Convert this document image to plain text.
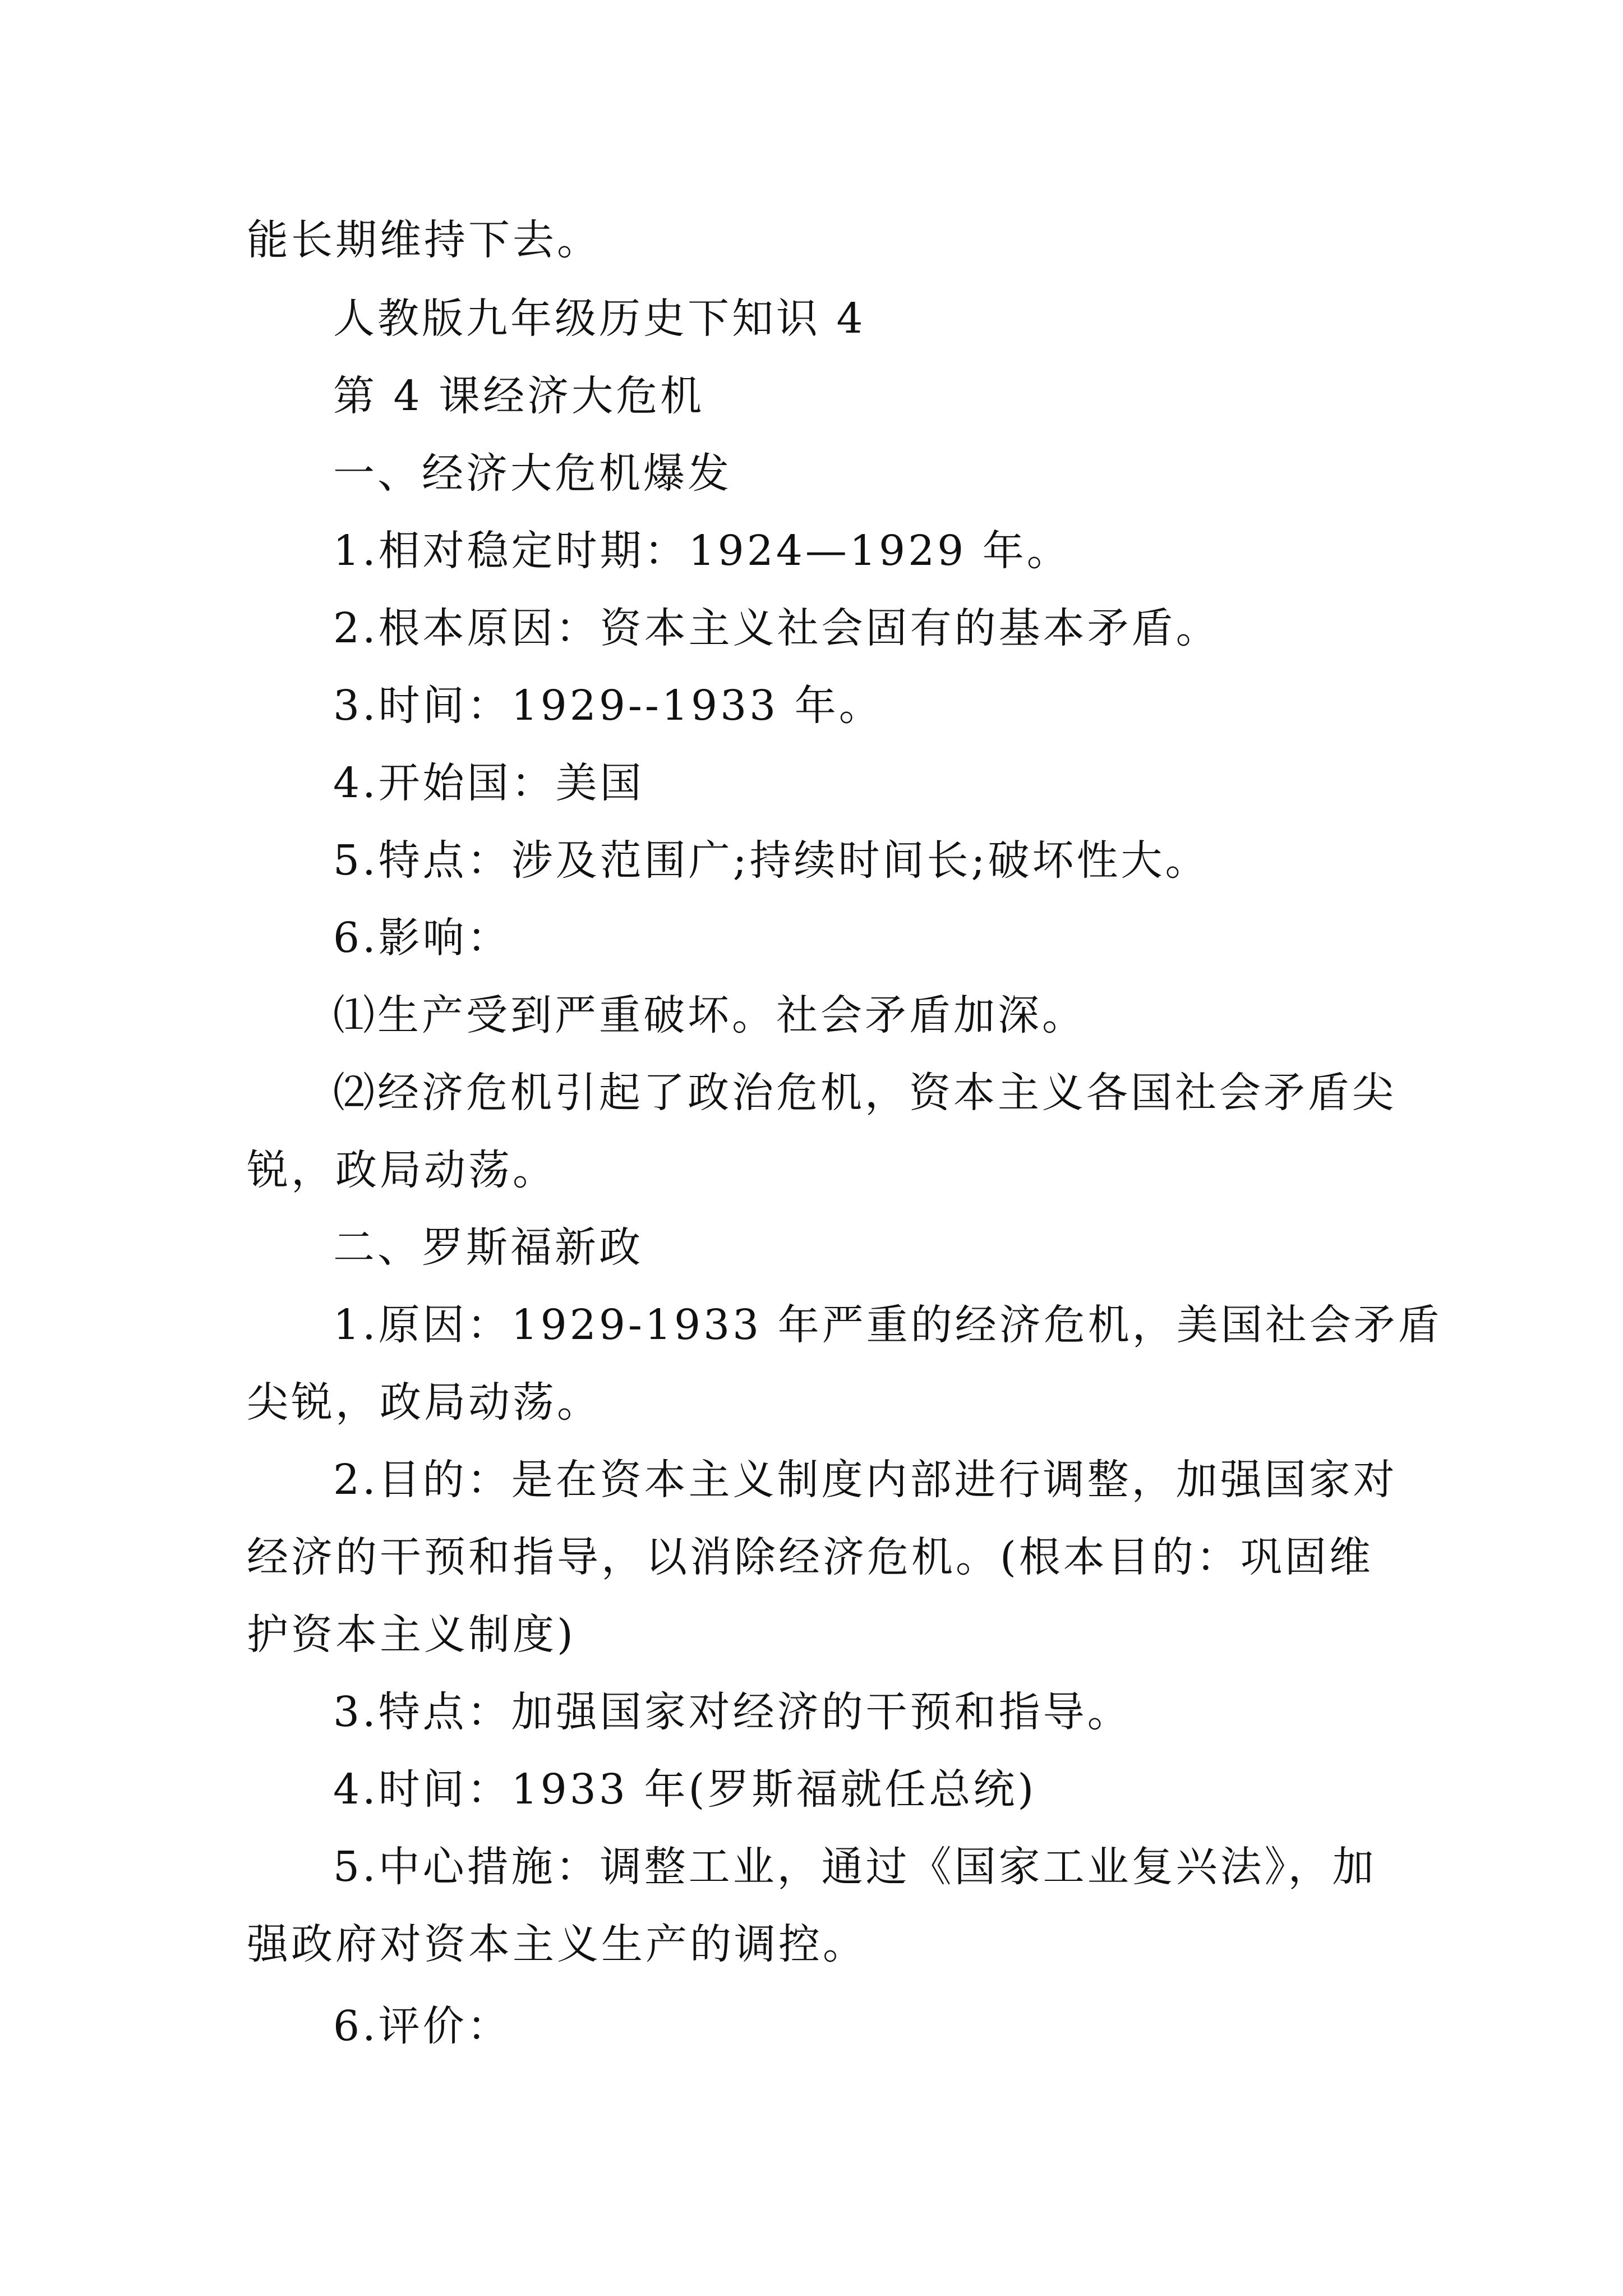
能长期维持下去。
人教版九年级历史下知识 4
第 4 课经济大危机
一、经济大危机爆发
1.相对稳定时期：1924—1929 年。
2.根本原因：资本主义社会固有的基本矛盾。
3.时间：1929--1933 年。
4.开始国：美国
5.特点：涉及范围广;持续时间长;破坏性大。
6.影响：
⑴生产受到严重破坏。社会矛盾加深。
⑵经济危机引起了政治危机，资本主义各国社会矛盾尖
锐，政局动荡。
二、罗斯福新政
1.原因：1929-1933 年严重的经济危机，美国社会矛盾
尖锐，政局动荡。
2.目的：是在资本主义制度内部进行调整，加强国家对
经济的干预和指导，以消除经济危机。(根本目的：巩固维
护资本主义制度)
3.特点：加强国家对经济的干预和指导。
4.时间：1933 年(罗斯福就任总统)
5.中心措施：调整工业，通过《国家工业复兴法》，加
强政府对资本主义生产的调控。
6.评价：
